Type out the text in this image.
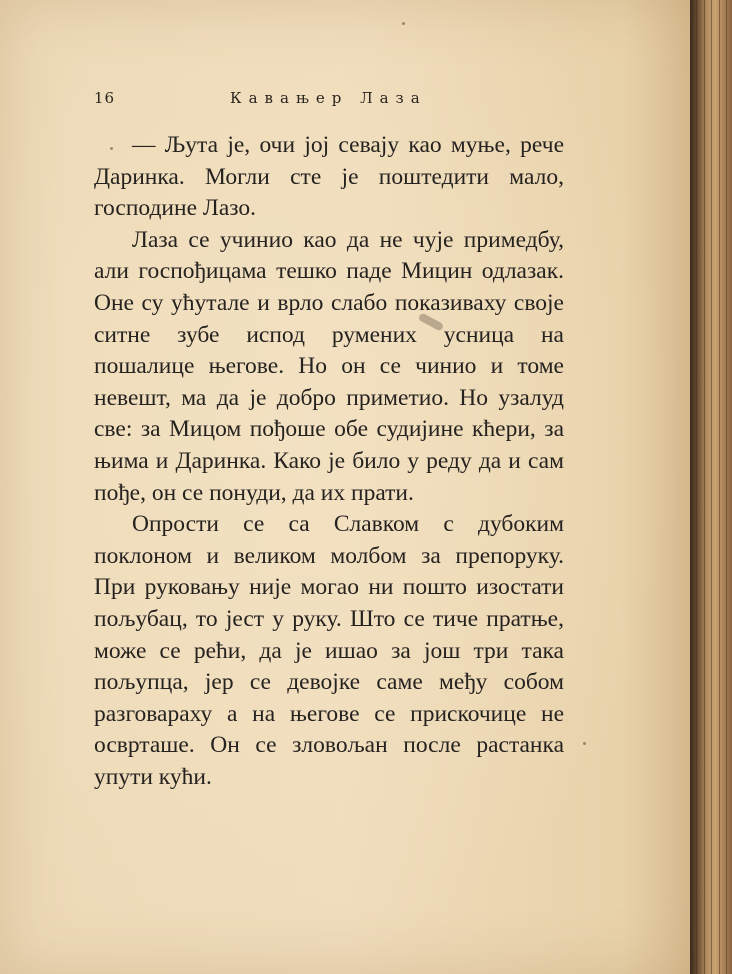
16	Кавањер Лаза

— Љута је, очи јој севају као муње, рече Даринка. Могли сте је поштедити мало, господине Лазо.

Лаза се учинио као да не чује примедбу, али госпођицама тешко паде Мицин одлазак. Оне су ућутале и врло слабо показиваху своје ситне зубе испод румених усница на пошалице његове. Но он се чинио и томе невешт, ма да је добро приметио. Но узалуд све: за Мицом пођоше обе судијине кћери, за њима и Даринка. Како је било у реду да и сам пође, он се понуди, да их прати.

Опрости се са Славком с дубоким поклоном и великом молбом за препоруку. При руковању није могао ни пошто изостати пољубац, то јест у руку. Што се тиче пратње, може се рећи, да је ишао за још три така пољупца, јер се девојке саме међу собом разговараху а на његове се прискочице не осврташе. Он се зловољан после растанка упути кући.
